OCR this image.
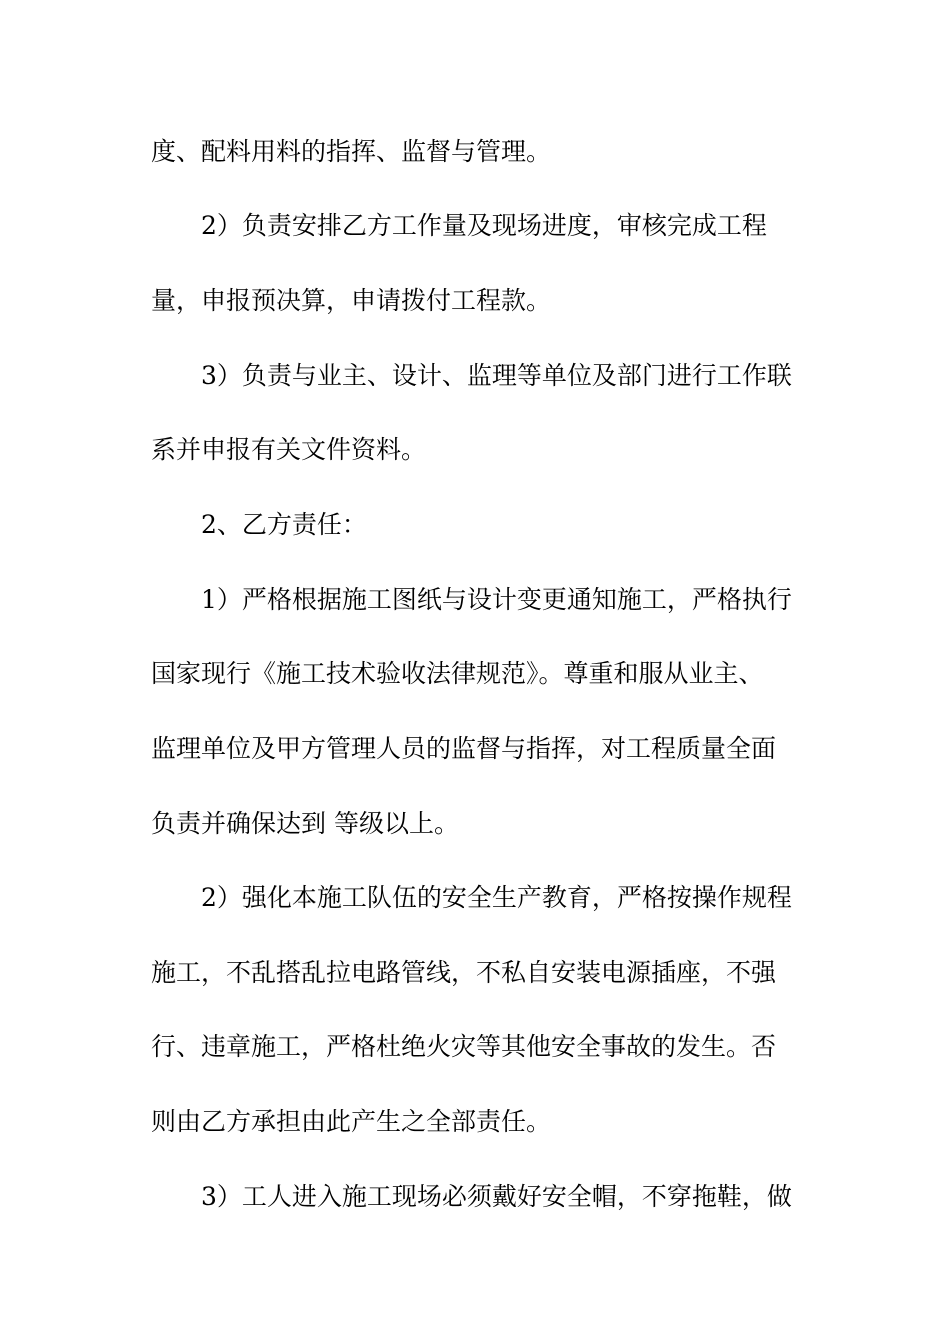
度、配料用料的指挥、监督与管理。
2）负责安排乙方工作量及现场进度，审核完成工程
量，申报预决算，申请拨付工程款。
3）负责与业主、设计、监理等单位及部门进行工作联
系并申报有关文件资料。
2、乙方责任：
1）严格根据施工图纸与设计变更通知施工，严格执行
国家现行《施工技术验收法律规范》。尊重和服从业主、
监理单位及甲方管理人员的监督与指挥，对工程质量全面
负责并确保达到 等级以上。
2）强化本施工队伍的安全生产教育，严格按操作规程
施工，不乱搭乱拉电路管线，不私自安装电源插座，不强
行、违章施工，严格杜绝火灾等其他安全事故的发生。否
则由乙方承担由此产生之全部责任。
3）工人进入施工现场必须戴好安全帽，不穿拖鞋，做
